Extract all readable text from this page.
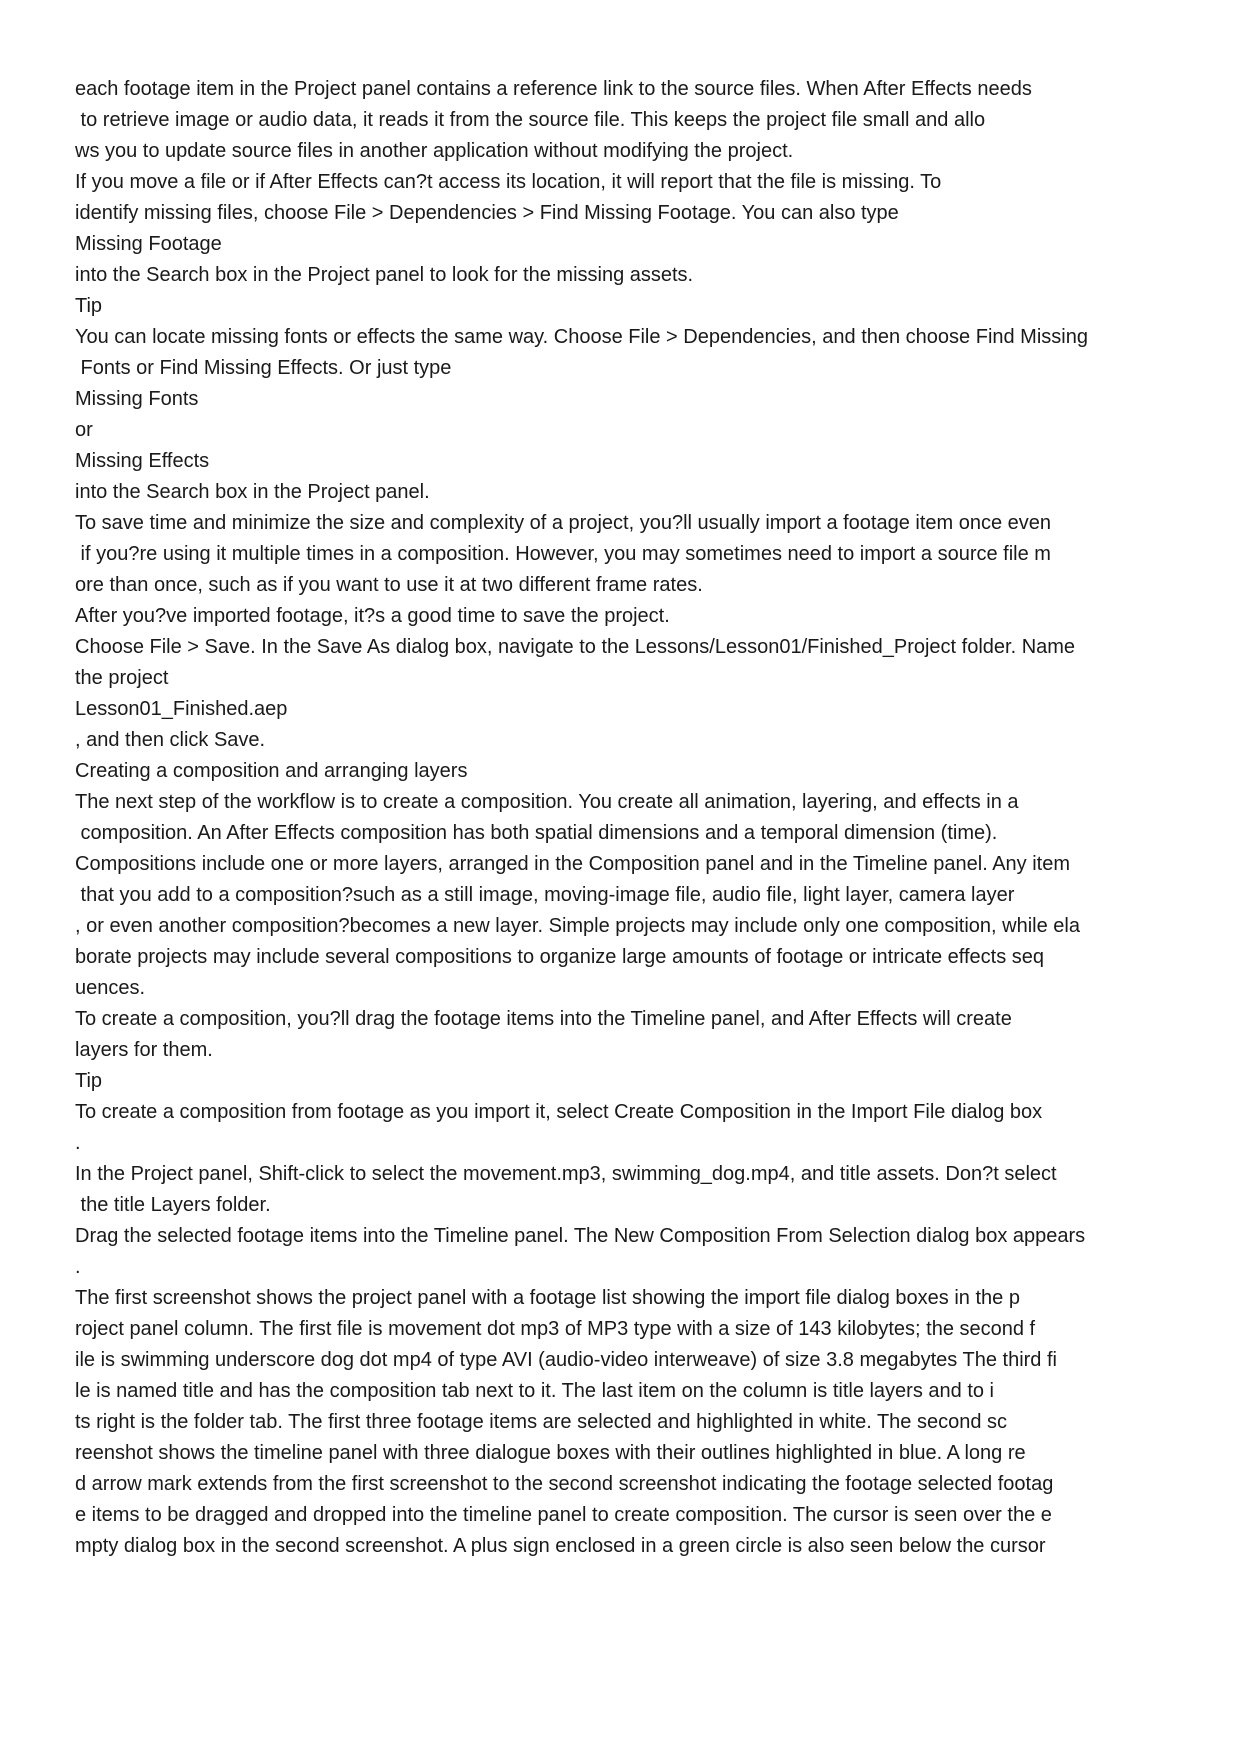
each footage item in the Project panel contains a reference link to the source files. When After Effects needs
to retrieve image or audio data, it reads it from the source file. This keeps the project file small and allo
ws you to update source files in another application without modifying the project.
If you move a file or if After Effects can?t access its location, it will report that the file is missing. To
identify missing files, choose File > Dependencies > Find Missing Footage. You can also type
Missing Footage
into the Search box in the Project panel to look for the missing assets.
Tip
You can locate missing fonts or effects the same way. Choose File > Dependencies, and then choose Find Missing
Fonts or Find Missing Effects. Or just type
Missing Fonts
or
Missing Effects
into the Search box in the Project panel.
To save time and minimize the size and complexity of a project, you?ll usually import a footage item once even
if you?re using it multiple times in a composition. However, you may sometimes need to import a source file m
ore than once, such as if you want to use it at two different frame rates.
After you?ve imported footage, it?s a good time to save the project.
Choose File > Save. In the Save As dialog box, navigate to the Lessons/Lesson01/Finished_Project folder. Name
the project
Lesson01_Finished.aep
, and then click Save.
Creating a composition and arranging layers
The next step of the workflow is to create a composition. You create all animation, layering, and effects in a
composition. An After Effects composition has both spatial dimensions and a temporal dimension (time).
Compositions include one or more layers, arranged in the Composition panel and in the Timeline panel. Any item
that you add to a composition?such as a still image, moving-image file, audio file, light layer, camera layer
, or even another composition?becomes a new layer. Simple projects may include only one composition, while ela
borate projects may include several compositions to organize large amounts of footage or intricate effects seq
uences.
To create a composition, you?ll drag the footage items into the Timeline panel, and After Effects will create
layers for them.
Tip
To create a composition from footage as you import it, select Create Composition in the Import File dialog box
.
In the Project panel, Shift-click to select the movement.mp3, swimming_dog.mp4, and title assets. Don?t select
the title Layers folder.
Drag the selected footage items into the Timeline panel. The New Composition From Selection dialog box appears
.
The first screenshot shows the project panel with a footage list showing the import file dialog boxes in the p
roject panel column. The first file is movement dot mp3 of MP3 type with a size of 143 kilobytes; the second f
ile is swimming underscore dog dot mp4 of type AVI (audio-video interweave) of size 3.8 megabytes The third fi
le is named title and has the composition tab next to it. The last item on the column is title layers and to i
ts right is the folder tab. The first three footage items are selected and highlighted in white. The second sc
reenshot shows the timeline panel with three dialogue boxes with their outlines highlighted in blue. A long re
d arrow mark extends from the first screenshot to the second screenshot indicating the footage selected footag
e items to be dragged and dropped into the timeline panel to create composition. The cursor is seen over the e
mpty dialog box in the second screenshot. A plus sign enclosed in a green circle is also seen below the cursor
